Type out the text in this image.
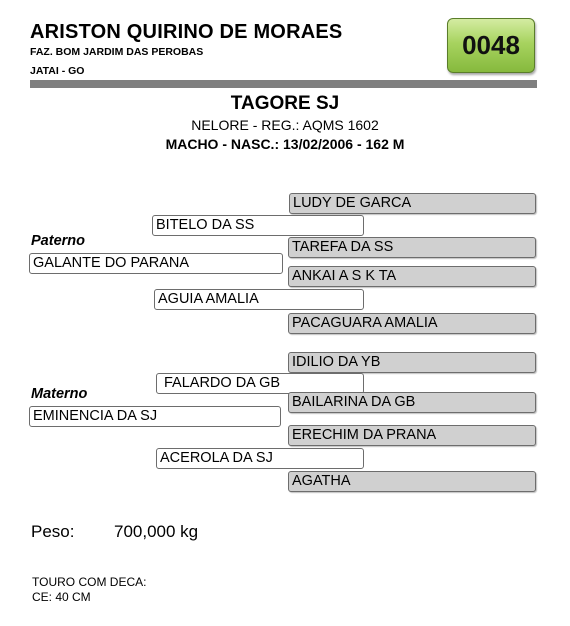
ARISTON QUIRINO DE MORAES
FAZ. BOM JARDIM DAS PEROBAS
JATAI - GO
0048
TAGORE SJ
NELORE - REG.: AQMS 1602
MACHO - NASC.: 13/02/2006 - 162 M
LUDY DE GARCA
BITELO DA SS
Paterno	TAREFA DA SS
GALANTE DO PARANA
ANKAI A S K TA
AGUIA AMALIA
PACAGUARA AMALIA
IDILIO DA YB
FALARDO DA GB
Materno	BAILARINA DA GB
EMINENCIA DA SJ
ERECHIM DA PRANA
ACEROLA DA SJ
AGATHA
Peso: 700,000 kg
TOURO COM DECA:
CE: 40 CM
